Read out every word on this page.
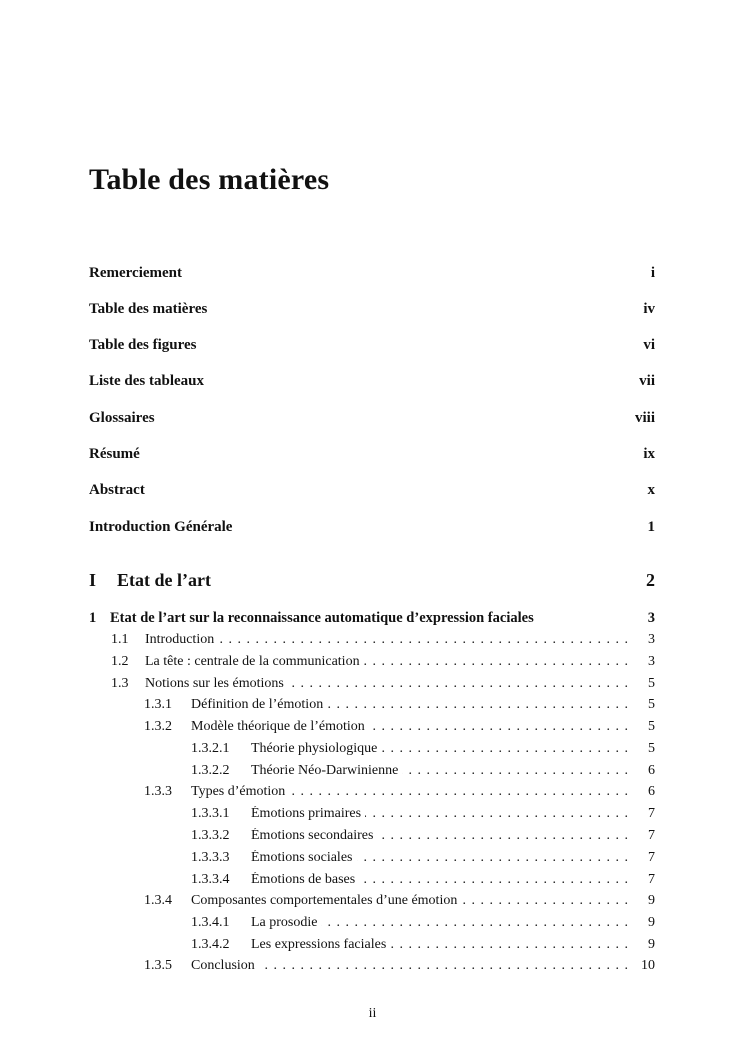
Table des matières
Remerciement	i
Table des matières	iv
Table des figures	vi
Liste des tableaux	vii
Glossaires	viii
Résumé	ix
Abstract	x
Introduction Générale	1
I	Etat de l’art	2
1 Etat de l’art sur la reconnaissance automatique d’expression faciales	3
1.1	Introduction . . .	3
1.2	La tête : centrale de la communication . . .	3
1.3	Notions sur les émotions . . .	5
1.3.1	Définition de l’émotion . . .	5
1.3.2	Modèle théorique de l’émotion . . .	5
1.3.2.1	Théorie physiologique . . .	5
1.3.2.2	Théorie Néo-Darwinienne . . .	6
1.3.3	Types d’émotion . . .	6
1.3.3.1	Émotions primaires . . .	7
1.3.3.2	Émotions secondaires . . .	7
1.3.3.3	Émotions sociales . . .	7
1.3.3.4	Émotions de bases . . .	7
1.3.4	Composantes comportementales d’une émotion . . .	9
1.3.4.1	La prosodie . . .	9
1.3.4.2	Les expressions faciales . . .	9
1.3.5	Conclusion . . .	10
ii
